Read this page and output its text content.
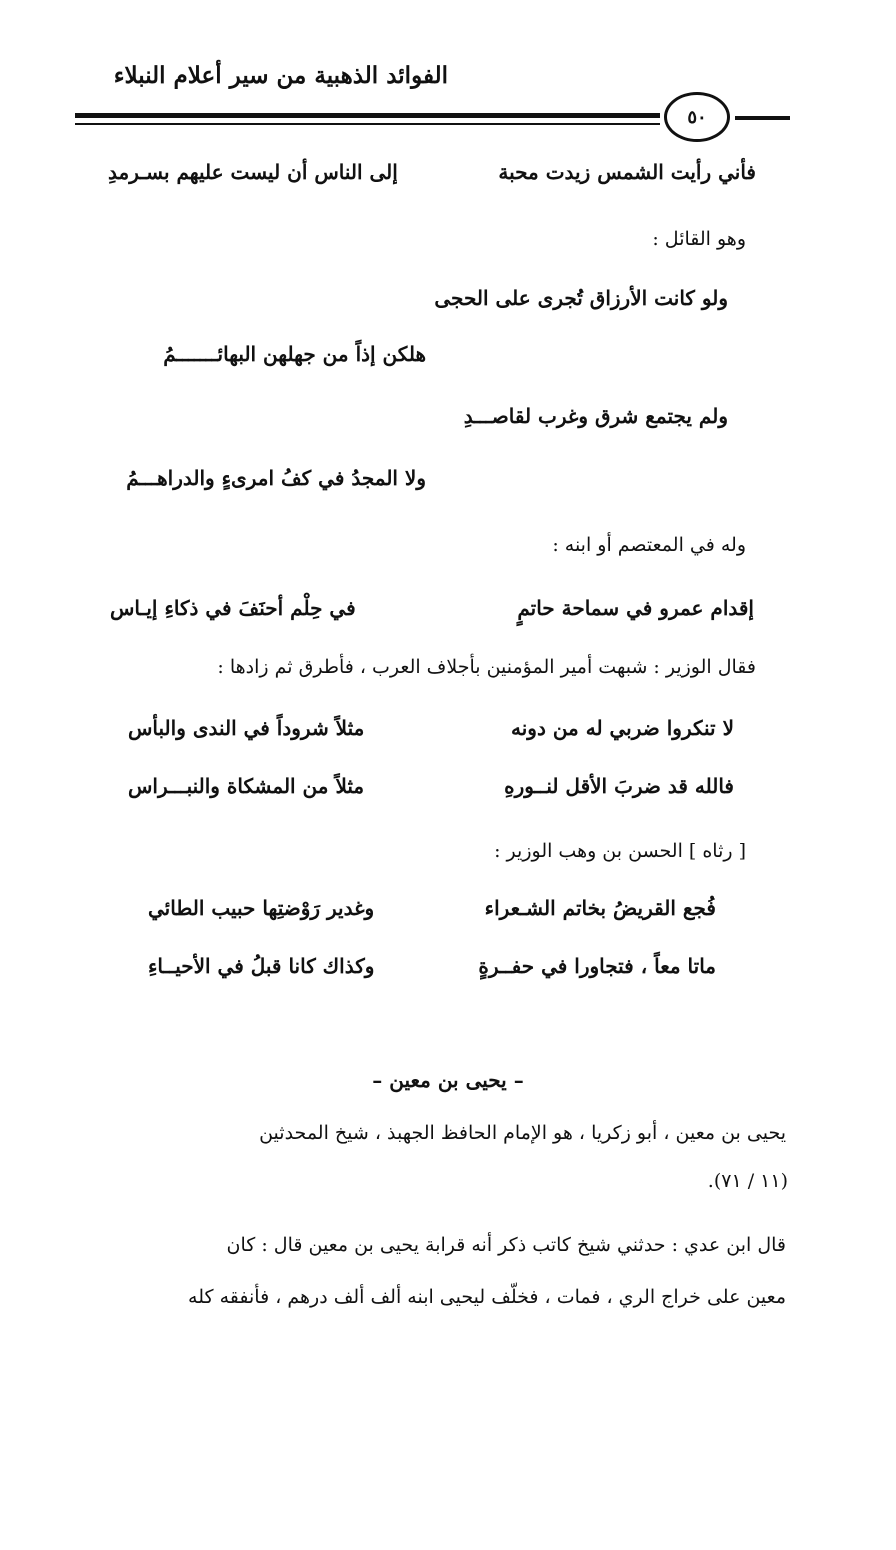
الفوائد الذهبية من سير أعلام النبلاء
٥٠
فأني رأيت الشمس زيدت محبة
إلى الناس أن ليست عليهم بسـرمدِ
وهو القائل :
ولو كانت الأرزاق تُجرى على الحجى
هلكن إذاً من جهلهن البهائـــــــمُ
ولم يجتمع شرق وغرب لقاصـــدِ
ولا المجدُ في كفُ امرىءٍ والدراهـــمُ
وله في المعتصم أو ابنه :
إقدام عمرو في سماحة حاتمٍ
في حِلْم أحنَفَ في ذكاءِ إيـاس
فقال الوزير : شبهت أمير المؤمنين بأجلاف العرب ، فأطرق ثم زادها :
لا تنكروا ضربي له من دونه
مثلاً شروداً في الندى والبأس
فالله قد ضربَ الأقل لنــورهِ
مثلاً من المشكاة والنبـــراس
[ رثاه ] الحسن بن وهب الوزير :
فُجع القريضُ بخاتم الشـعراء
وغدير رَوْضتِها حبيب الطائي
ماتا معاً ، فتجاورا في حفــرةٍ
وكذاك كانا قبلُ في الأحيــاءِ
– يحيى بن معين –
يحيى بن معين ، أبو زكريا ، هو الإمام الحافظ الجهبذ ، شيخ المحدثين
(١١ / ٧١).
قال ابن عدي : حدثني شيخ كاتب ذكر أنه قرابة يحيى بن معين قال : كان
معين على خراج الري ، فمات ، فخلّف ليحيى ابنه ألف ألف درهم ، فأنفقه كله
